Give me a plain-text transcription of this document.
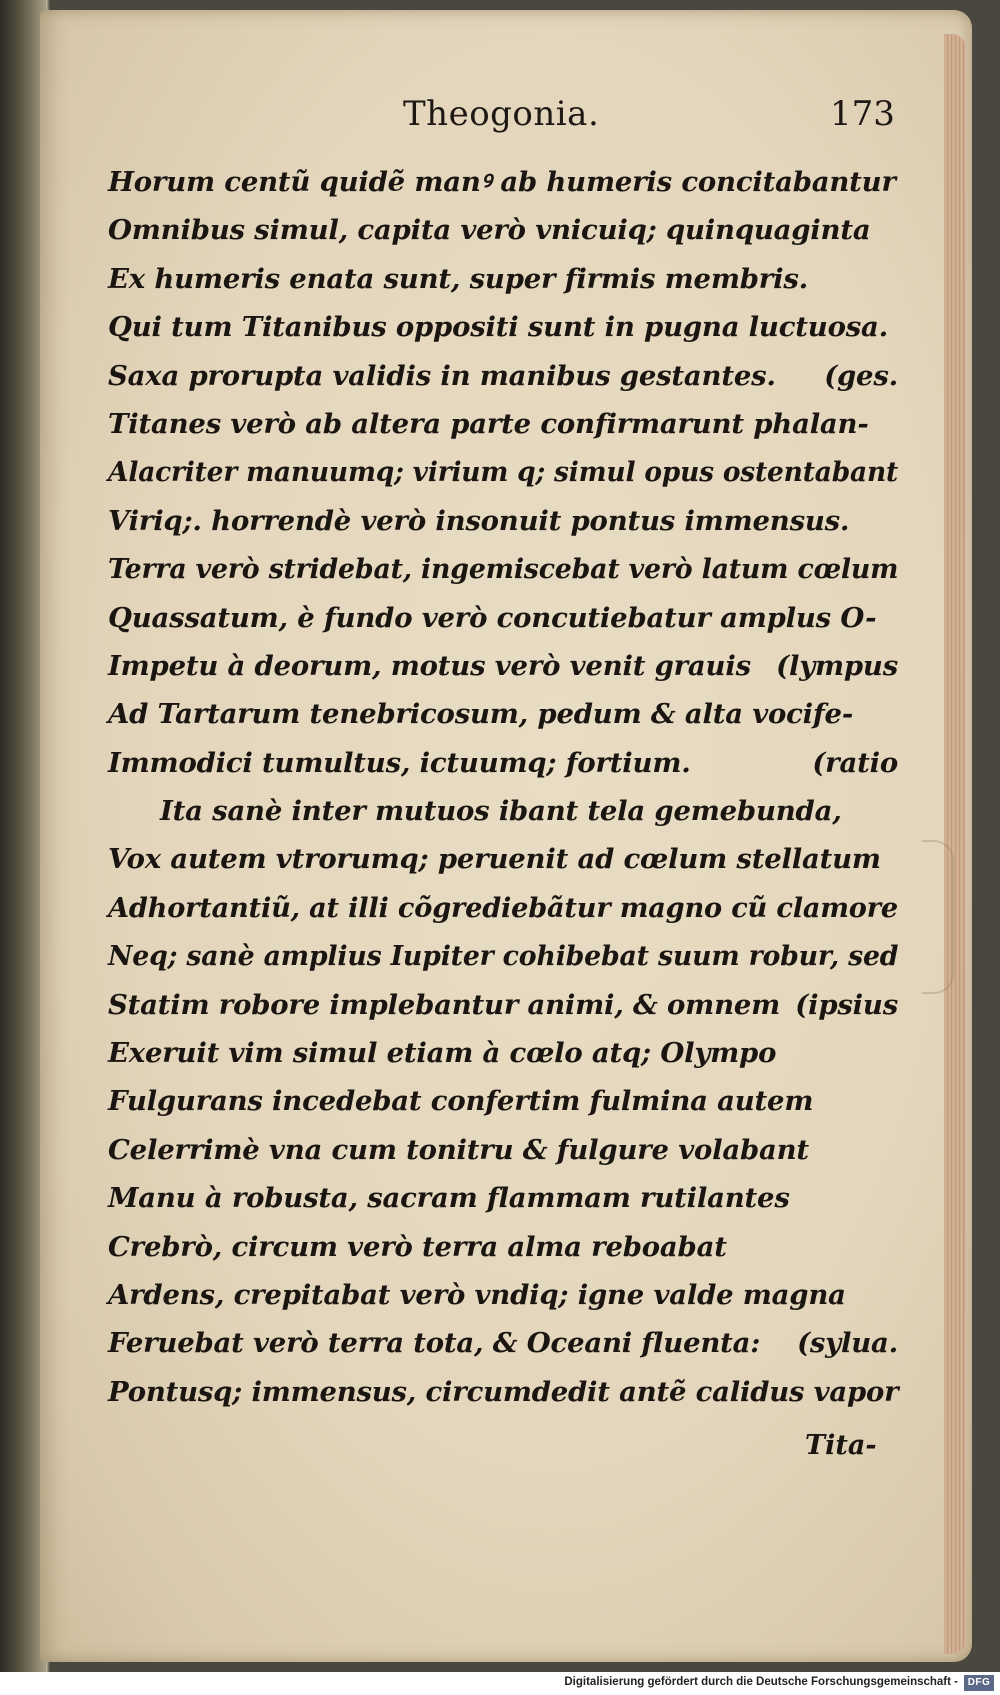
Theogonia.	173
Horum centũ quidẽ manꝰ ab humeris concitabantur
Omnibus simul, capita verò vnicuiq; quinquaginta
Ex humeris enata sunt, super firmis membris.
Qui tum Titanibus oppositi sunt in pugna luctuosa.
Saxa prorupta validis in manibus gestantes. (ges.
Titanes verò ab altera parte confirmarunt phalan-
Alacriter manuumq; virium q; simul opus ostentabant
Viriq;. horrendè verò insonuit pontus immensus.
Terra verò stridebat, ingemiscebat verò latum cœlum
Quassatum, è fundo verò concutiebatur amplus O-
Impetu à deorum, motus verò venit grauis (lympus
Ad Tartarum tenebricosum, pedum & alta vocife-
Immodici tumultus, ictuumq; fortium.	(ratio
Ita sanè inter mutuos ibant tela gemebunda,
Vox autem vtrorumq; peruenit ad cœlum stellatum
Adhortantiũ, at illi cõgrediebãtur magno cũ clamore
Neq; sanè amplius Iupiter cohibebat suum robur, sed
Statim robore implebantur animi, & omnem (ipsius
Exeruit vim simul etiam à cœlo atq; Olympo
Fulgurans incedebat confertim fulmina autem
Celerrimè vna cum tonitru & fulgure volabant
Manu à robusta, sacram flammam rutilantes
Crebrò, circum verò terra alma reboabat
Ardens, crepitabat verò vndiq; igne valde magna
Feruebat verò terra tota, & Oceani fluenta: (sylua.
Pontusq; immensus, circumdedit antẽ calidus vapor
Tita-
Digitalisierung gefördert durch die Deutsche Forschungsgemeinschaft - DFG
